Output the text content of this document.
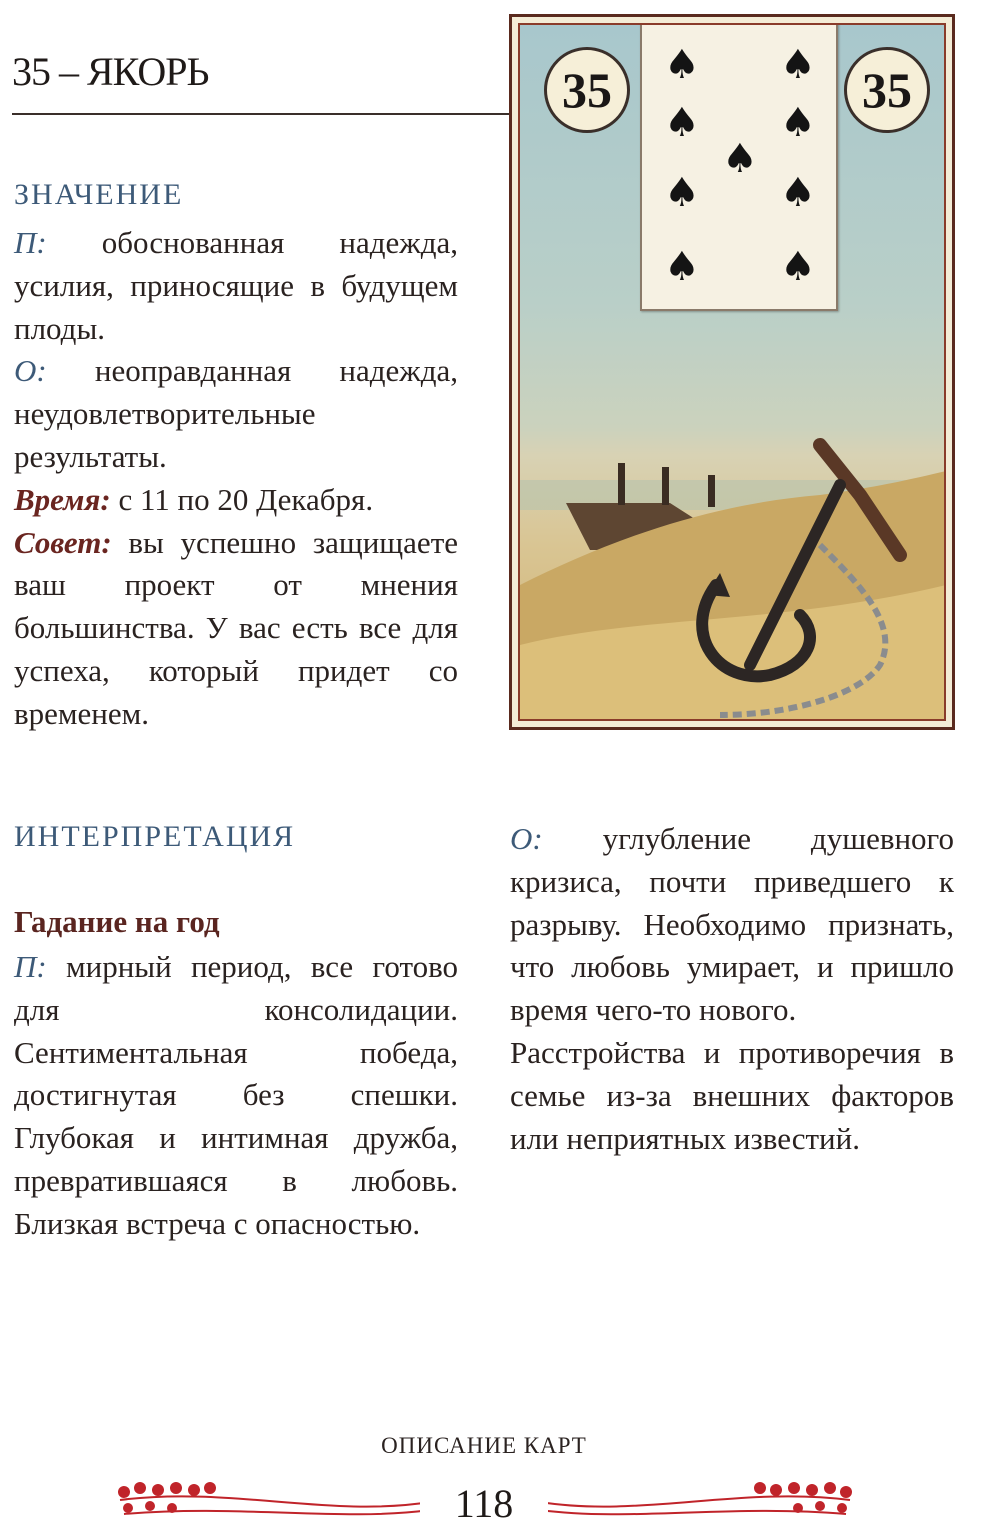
35 – ЯКОРЬ
ЗНАЧЕНИЕ

П: обоснованная надежда, усилия, приносящие в будущем плоды.

О: неоправданная надежда, неудовлетворительные результаты.

Время: с 11 по 20 Декабря.

Совет: вы успешно защищаете ваш проект от мнения большинства. У вас есть все для успеха, который придет со временем.

35	35
♠ ♠
♠ ♠
♠
♠ ♠
♠ ♠
ИНТЕРПРЕТАЦИЯ
Гадание на год

П: мирный период, все готово для консолидации. Сентиментальная победа, достигнутая без спешки. Глубокая и интимная дружба, превратившаяся в любовь. Близкая встреча с опасностью.

О: углубление душевного кризиса, почти приведшего к разрыву. Необходимо признать, что любовь умирает, и пришло время чего-то нового.

Расстройства и противоречия в семье из-за внешних факторов или неприятных известий.

ОПИСАНИЕ КАРТ
118
